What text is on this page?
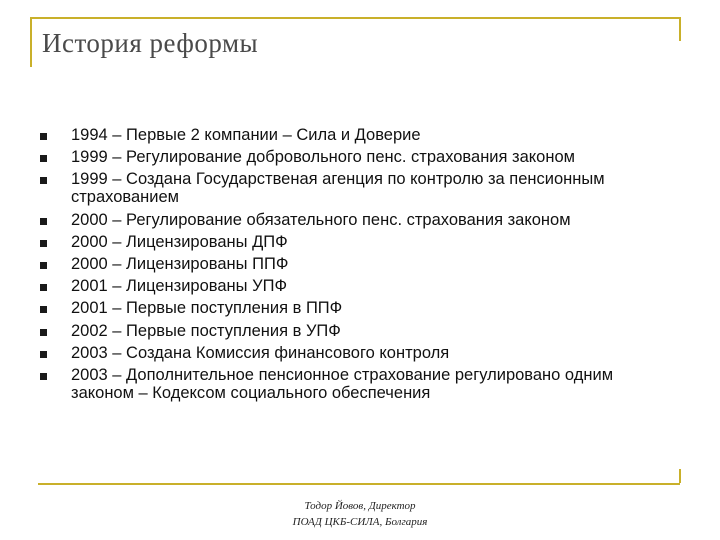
История реформы
1994 – Первые 2 компании – Сила и Доверие
1999 – Регулирование добровольного пенс. страхования законом
1999 – Создана Государственая агенция по контролю за пенсионным страхованием
2000 – Регулирование обязательного пенс. страхования законом
2000 – Лицензированы ДПФ
2000 – Лицензированы ППФ
2001 – Лицензированы УПФ
2001 – Первые поступления в ППФ
2002 – Первые поступления в УПФ
2003 – Создана Комиссия финансового контроля
2003 – Дополнительное пенсионное страхование регулировано одним законом – Кодексом социального обеспечения
Тодор Йовов, Директор
ПОАД ЦКБ-СИЛА, Болгария
